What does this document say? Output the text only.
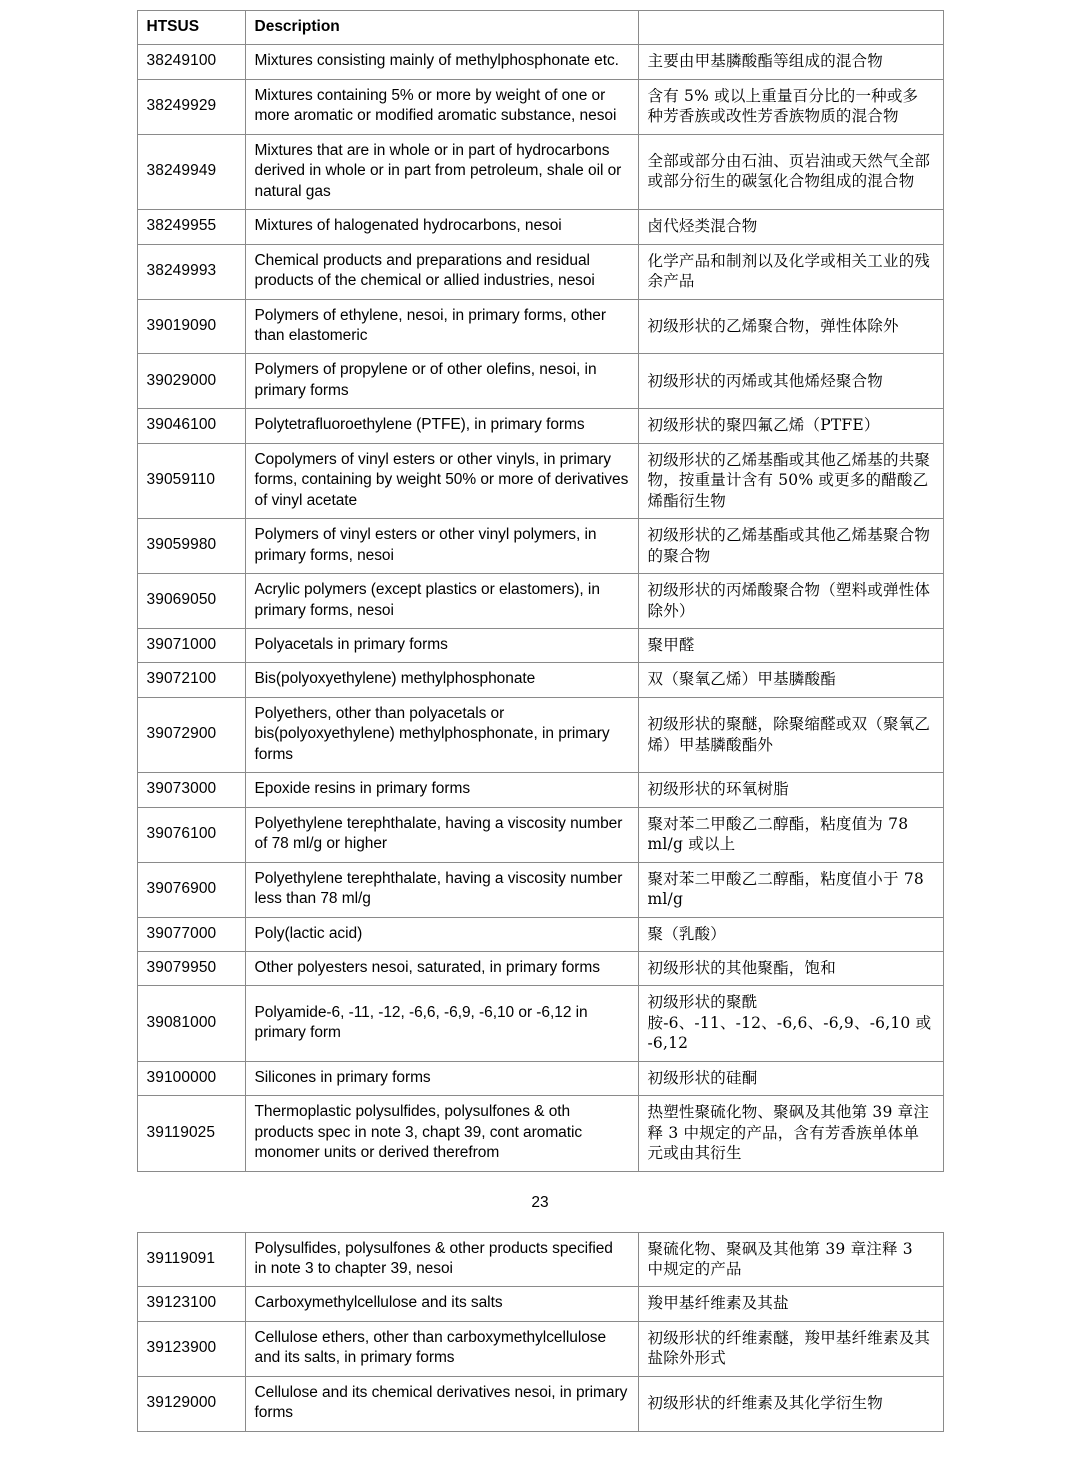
HTSUS	Description	
38249100	Mixtures consisting mainly of methylphosphonate etc.	主要由甲基膦酸酯等组成的混合物
38249929	Mixtures containing 5% or more by weight of one or more aromatic or modified aromatic substance, nesoi	含有 5% 或以上重量百分比的一种或多种芳香族或改性芳香族物质的混合物
38249949	Mixtures that are in whole or in part of hydrocarbons derived in whole or in part from petroleum, shale oil or natural gas	全部或部分由石油、页岩油或天然气全部或部分衍生的碳氢化合物组成的混合物
38249955	Mixtures of halogenated hydrocarbons, nesoi	卤代烃类混合物
38249993	Chemical products and preparations and residual products of the chemical or allied industries, nesoi	化学产品和制剂以及化学或相关工业的残余产品
39019090	Polymers of ethylene, nesoi, in primary forms, other than elastomeric	初级形状的乙烯聚合物，弹性体除外
39029000	Polymers of propylene or of other olefins, nesoi, in primary forms	初级形状的丙烯或其他烯烃聚合物
39046100	Polytetrafluoroethylene (PTFE), in primary forms	初级形状的聚四氟乙烯（PTFE）
39059110	Copolymers of vinyl esters or other vinyls, in primary forms, containing by weight 50% or more of derivatives of vinyl acetate	初级形状的乙烯基酯或其他乙烯基的共聚物，按重量计含有 50% 或更多的醋酸乙烯酯衍生物
39059980	Polymers of vinyl esters or other vinyl polymers, in primary forms, nesoi	初级形状的乙烯基酯或其他乙烯基聚合物的聚合物
39069050	Acrylic polymers (except plastics or elastomers), in primary forms, nesoi	初级形状的丙烯酸聚合物（塑料或弹性体除外）
39071000	Polyacetals in primary forms	聚甲醛
39072100	Bis(polyoxyethylene) methylphosphonate	双（聚氧乙烯）甲基膦酸酯
39072900	Polyethers, other than polyacetals or bis(polyoxyethylene) methylphosphonate, in primary forms	初级形状的聚醚，除聚缩醛或双（聚氧乙烯）甲基膦酸酯外
39073000	Epoxide resins in primary forms	初级形状的环氧树脂
39076100	Polyethylene terephthalate, having a viscosity number of 78 ml/g or higher	聚对苯二甲酸乙二醇酯，粘度值为 78 ml/g 或以上
39076900	Polyethylene terephthalate, having a viscosity number less than 78 ml/g	聚对苯二甲酸乙二醇酯，粘度值小于 78 ml/g
39077000	Poly(lactic acid)	聚（乳酸）
39079950	Other polyesters nesoi, saturated, in primary forms	初级形状的其他聚酯，饱和
39081000	Polyamide-6, -11, -12, -6,6, -6,9, -6,10 or -6,12 in primary form	初级形状的聚酰胺-6、-11、-12、-6,6、-6,9、-6,10 或 -6,12
39100000	Silicones in primary forms	初级形状的硅酮
39119025	Thermoplastic polysulfides, polysulfones & oth products spec in note 3, chapt 39, cont aromatic monomer units or derived therefrom	热塑性聚硫化物、聚砜及其他第 39 章注释 3 中规定的产品，含有芳香族单体单元或由其衍生
23
39119091	Polysulfides, polysulfones & other products specified in note 3 to chapter 39, nesoi	聚硫化物、聚砜及其他第 39 章注释 3 中规定的产品
39123100	Carboxymethylcellulose and its salts	羧甲基纤维素及其盐
39123900	Cellulose ethers, other than carboxymethylcellulose and its salts, in primary forms	初级形状的纤维素醚，羧甲基纤维素及其盐除外形式
39129000	Cellulose and its chemical derivatives nesoi, in primary forms	初级形状的纤维素及其化学衍生物
